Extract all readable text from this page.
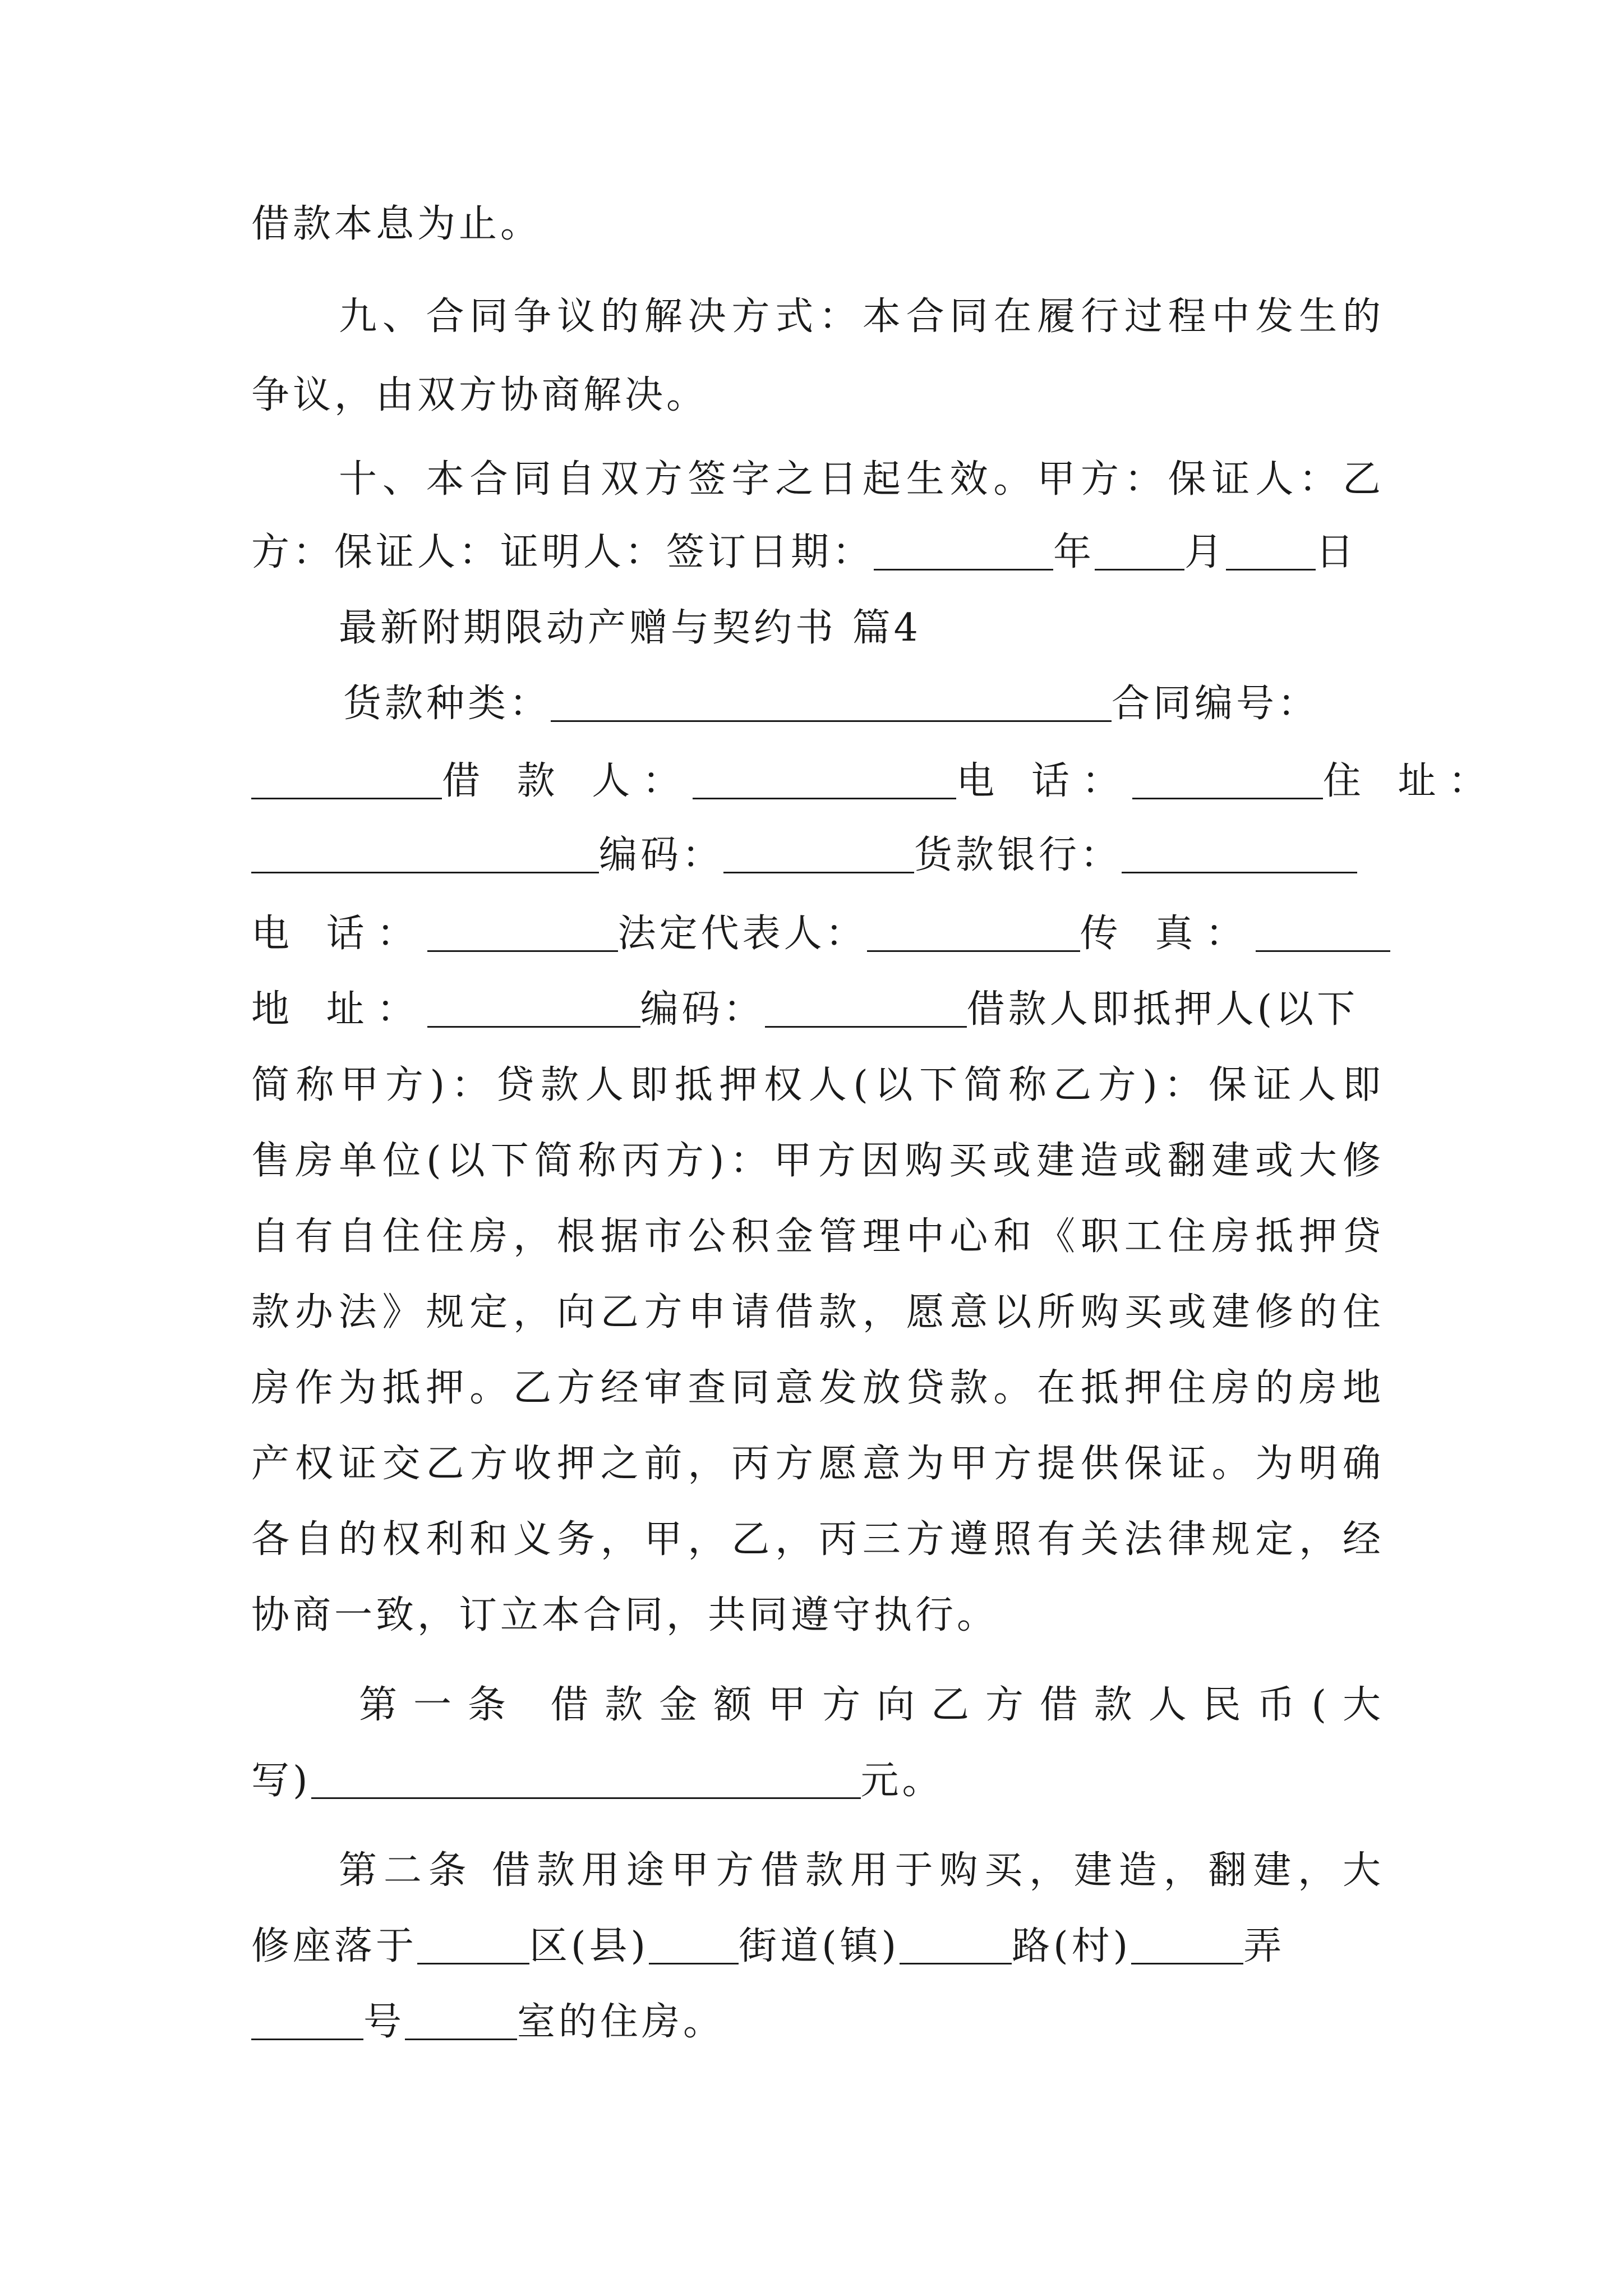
借款本息为止。
九、合同争议的解决方式：本合同在履行过程中发生的
争议，由双方协商解决。
十、本合同自双方签字之日起生效。甲方：保证人：乙
方：保证人：证明人：签订日期：	年 月 日
最新附期限动产赠与契约书 篇4
货款种类：	合同编号：
借 款 人：	电 话：	住 址：
编码：	货款银行：
电 话：	法定代表人：	传 真：
地 址：	编码：	借款人即抵押人(以下
简称甲方)：贷款人即抵押权人(以下简称乙方)：保证人即
售房单位(以下简称丙方)：甲方因购买或建造或翻建或大修
自有自住住房，根据市公积金管理中心和《职工住房抵押贷
款办法》规定，向乙方申请借款，愿意以所购买或建修的住
房作为抵押。乙方经审查同意发放贷款。在抵押住房的房地
产权证交乙方收押之前，丙方愿意为甲方提供保证。为明确
各自的权利和义务，甲，乙，丙三方遵照有关法律规定，经
协商一致，订立本合同，共同遵守执行。
第一条 借款金额甲方向乙方借款人民币(大
写)	元。
第二条 借款用途甲方借款用于购买，建造，翻建，大
修座落于	区(县) 街道(镇)	路(村)	弄
号	室的住房。
